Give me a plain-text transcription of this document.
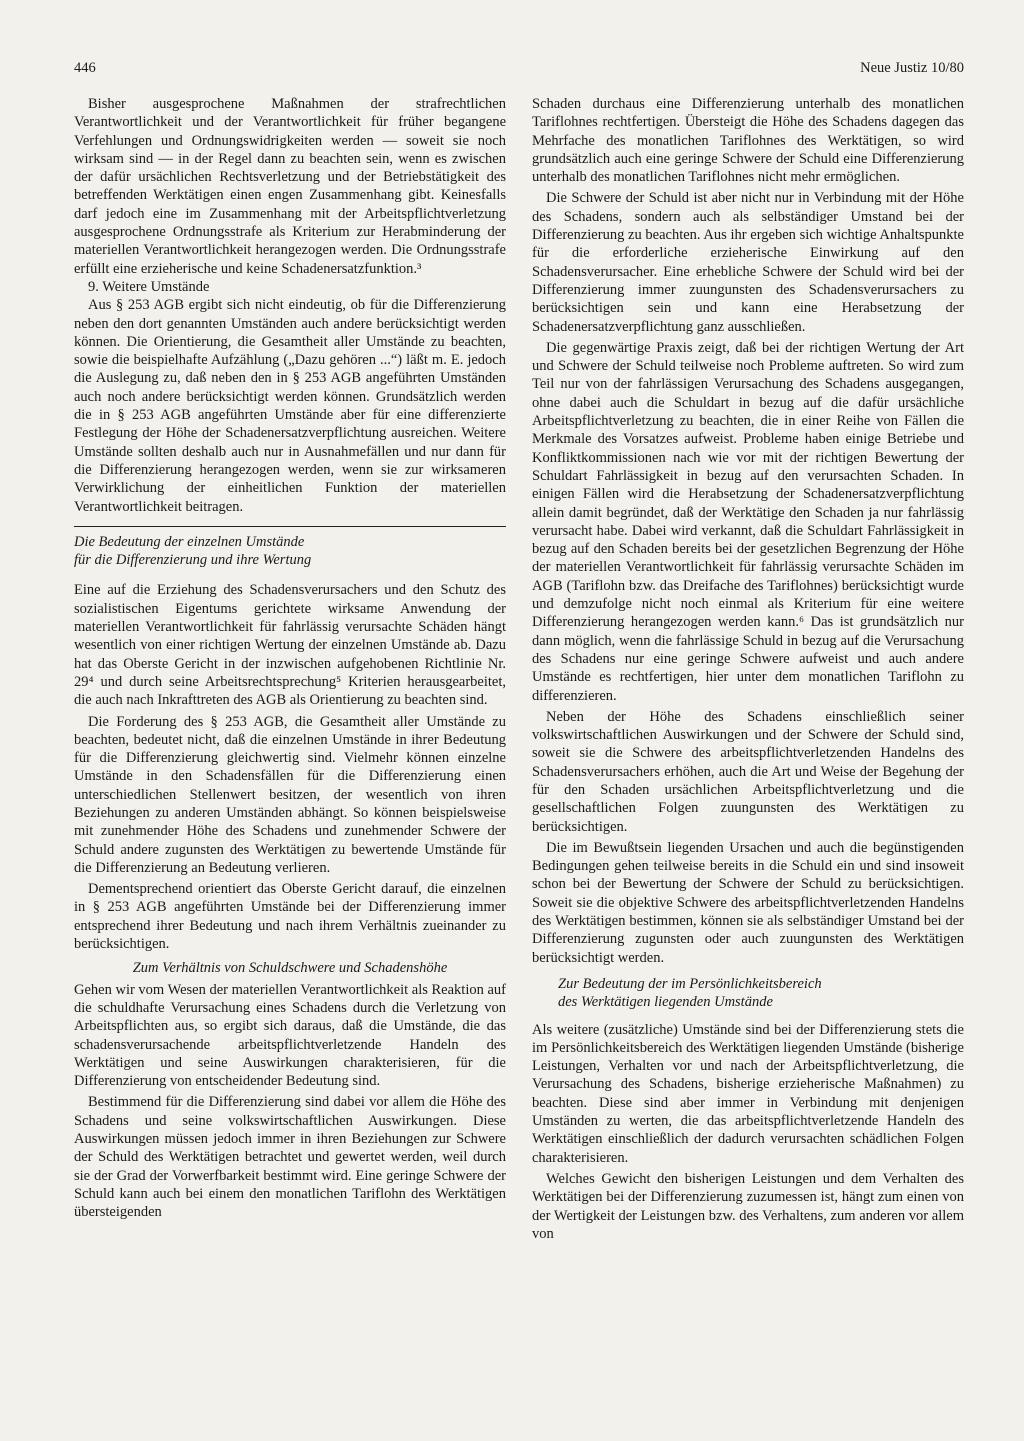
446	Neue Justiz 10/80

Bisher ausgesprochene Maßnahmen der strafrechtlichen Verantwortlichkeit und der Verantwortlichkeit für früher begangene Verfehlungen und Ordnungswidrigkeiten werden — soweit sie noch wirksam sind — in der Regel dann zu beachten sein, wenn es zwischen der dafür ursächlichen Rechtsverletzung und der Betriebstätigkeit des betreffenden Werktätigen einen engen Zusammenhang gibt. Keinesfalls darf jedoch eine im Zusammenhang mit der Arbeitspflichtverletzung ausgesprochene Ordnungsstrafe als Kriterium zur Herabminderung der materiellen Verantwortlichkeit herangezogen werden. Die Ordnungsstrafe erfüllt eine erzieherische und keine Schadenersatzfunktion.³

9. Weitere Umstände

Aus § 253 AGB ergibt sich nicht eindeutig, ob für die Differenzierung neben den dort genannten Umständen auch andere berücksichtigt werden können. Die Orientierung, die Gesamtheit aller Umstände zu beachten, sowie die beispielhafte Aufzählung („Dazu gehören ...“) läßt m. E. jedoch die Auslegung zu, daß neben den in § 253 AGB angeführten Umständen auch noch andere berücksichtigt werden können. Grundsätzlich werden die in § 253 AGB angeführten Umstände aber für eine differenzierte Festlegung der Höhe der Schadenersatzverpflichtung ausreichen. Weitere Umstände sollten deshalb auch nur in Ausnahmefällen und nur dann für die Differenzierung herangezogen werden, wenn sie zur wirksameren Verwirklichung der einheitlichen Funktion der materiellen Verantwortlichkeit beitragen.

Die Bedeutung der einzelnen Umstände
für die Differenzierung und ihre Wertung

Eine auf die Erziehung des Schadensverursachers und den Schutz des sozialistischen Eigentums gerichtete wirksame Anwendung der materiellen Verantwortlichkeit für fahrlässig verursachte Schäden hängt wesentlich von einer richtigen Wertung der einzelnen Umstände ab. Dazu hat das Oberste Gericht in der inzwischen aufgehobenen Richtlinie Nr. 29⁴ und durch seine Arbeitsrechtsprechung⁵ Kriterien herausgearbeitet, die auch nach Inkrafttreten des AGB als Orientierung zu beachten sind.

Die Forderung des § 253 AGB, die Gesamtheit aller Umstände zu beachten, bedeutet nicht, daß die einzelnen Umstände in ihrer Bedeutung für die Differenzierung gleichwertig sind. Vielmehr können einzelne Umstände in den Schadensfällen für die Differenzierung einen unterschiedlichen Stellenwert besitzen, der wesentlich von ihren Beziehungen zu anderen Umständen abhängt. So können beispielsweise mit zunehmender Höhe des Schadens und zunehmender Schwere der Schuld andere zugunsten des Werktätigen zu bewertende Umstände für die Differenzierung an Bedeutung verlieren.

Dementsprechend orientiert das Oberste Gericht darauf, die einzelnen in § 253 AGB angeführten Umstände bei der Differenzierung immer entsprechend ihrer Bedeutung und nach ihrem Verhältnis zueinander zu berücksichtigen.

Zum Verhältnis von Schuldschwere und Schadenshöhe

Gehen wir vom Wesen der materiellen Verantwortlichkeit als Reaktion auf die schuldhafte Verursachung eines Schadens durch die Verletzung von Arbeitspflichten aus, so ergibt sich daraus, daß die Umstände, die das schadensverursachende arbeitspflichtverletzende Handeln des Werktätigen und seine Auswirkungen charakterisieren, für die Differenzierung von entscheidender Bedeutung sind.

Bestimmend für die Differenzierung sind dabei vor allem die Höhe des Schadens und seine volkswirtschaftlichen Auswirkungen. Diese Auswirkungen müssen jedoch immer in ihren Beziehungen zur Schwere der Schuld des Werktätigen betrachtet und gewertet werden, weil durch sie der Grad der Vorwerfbarkeit bestimmt wird. Eine geringe Schwere der Schuld kann auch bei einem den monatlichen Tariflohn des Werktätigen übersteigenden

Schaden durchaus eine Differenzierung unterhalb des monatlichen Tariflohnes rechtfertigen. Übersteigt die Höhe des Schadens dagegen das Mehrfache des monatlichen Tariflohnes des Werktätigen, so wird grundsätzlich auch eine geringe Schwere der Schuld eine Differenzierung unterhalb des monatlichen Tariflohnes nicht mehr ermöglichen.

Die Schwere der Schuld ist aber nicht nur in Verbindung mit der Höhe des Schadens, sondern auch als selbständiger Umstand bei der Differenzierung zu beachten. Aus ihr ergeben sich wichtige Anhaltspunkte für die erforderliche erzieherische Einwirkung auf den Schadensverursacher. Eine erhebliche Schwere der Schuld wird bei der Differenzierung immer zuungunsten des Schadensverursachers zu berücksichtigen sein und kann eine Herabsetzung der Schadenersatzverpflichtung ganz ausschließen.

Die gegenwärtige Praxis zeigt, daß bei der richtigen Wertung der Art und Schwere der Schuld teilweise noch Probleme auftreten. So wird zum Teil nur von der fahrlässigen Verursachung des Schadens ausgegangen, ohne dabei auch die Schuldart in bezug auf die dafür ursächliche Arbeitspflichtverletzung zu beachten, die in einer Reihe von Fällen die Merkmale des Vorsatzes aufweist. Probleme haben einige Betriebe und Konfliktkommissionen nach wie vor mit der richtigen Bewertung der Schuldart Fahrlässigkeit in bezug auf den verursachten Schaden. In einigen Fällen wird die Herabsetzung der Schadenersatzverpflichtung allein damit begründet, daß der Werktätige den Schaden ja nur fahrlässig verursacht habe. Dabei wird verkannt, daß die Schuldart Fahrlässigkeit in bezug auf den Schaden bereits bei der gesetzlichen Begrenzung der Höhe der materiellen Verantwortlichkeit für fahrlässig verursachte Schäden im AGB (Tariflohn bzw. das Dreifache des Tariflohnes) berücksichtigt wurde und demzufolge nicht noch einmal als Kriterium für eine weitere Differenzierung herangezogen werden kann.⁶ Das ist grundsätzlich nur dann möglich, wenn die fahrlässige Schuld in bezug auf die Verursachung des Schadens nur eine geringe Schwere aufweist und auch andere Umstände es rechtfertigen, hier unter dem monatlichen Tariflohn zu differenzieren.

Neben der Höhe des Schadens einschließlich seiner volkswirtschaftlichen Auswirkungen und der Schwere der Schuld sind, soweit sie die Schwere des arbeitspflichtverletzenden Handelns des Schadensverursachers erhöhen, auch die Art und Weise der Begehung der für den Schaden ursächlichen Arbeitspflichtverletzung und die gesellschaftlichen Folgen zuungunsten des Werktätigen zu berücksichtigen.

Die im Bewußtsein liegenden Ursachen und auch die begünstigenden Bedingungen gehen teilweise bereits in die Schuld ein und sind insoweit schon bei der Bewertung der Schwere der Schuld zu berücksichtigen. Soweit sie die objektive Schwere des arbeitspflichtverletzenden Handelns des Werktätigen bestimmen, können sie als selbständiger Umstand bei der Differenzierung zugunsten oder auch zuungunsten des Werktätigen berücksichtigt werden.

Zur Bedeutung der im Persönlichkeitsbereich
des Werktätigen liegenden Umstände

Als weitere (zusätzliche) Umstände sind bei der Differenzierung stets die im Persönlichkeitsbereich des Werktätigen liegenden Umstände (bisherige Leistungen, Verhalten vor und nach der Arbeitspflichtverletzung, die Verursachung des Schadens, bisherige erzieherische Maßnahmen) zu beachten. Diese sind aber immer in Verbindung mit denjenigen Umständen zu werten, die das arbeitspflichtverletzende Handeln des Werktätigen einschließlich der dadurch verursachten schädlichen Folgen charakterisieren.

Welches Gewicht den bisherigen Leistungen und dem Verhalten des Werktätigen bei der Differenzierung zuzumessen ist, hängt zum einen von der Wertigkeit der Leistungen bzw. des Verhaltens, zum anderen vor allem von
